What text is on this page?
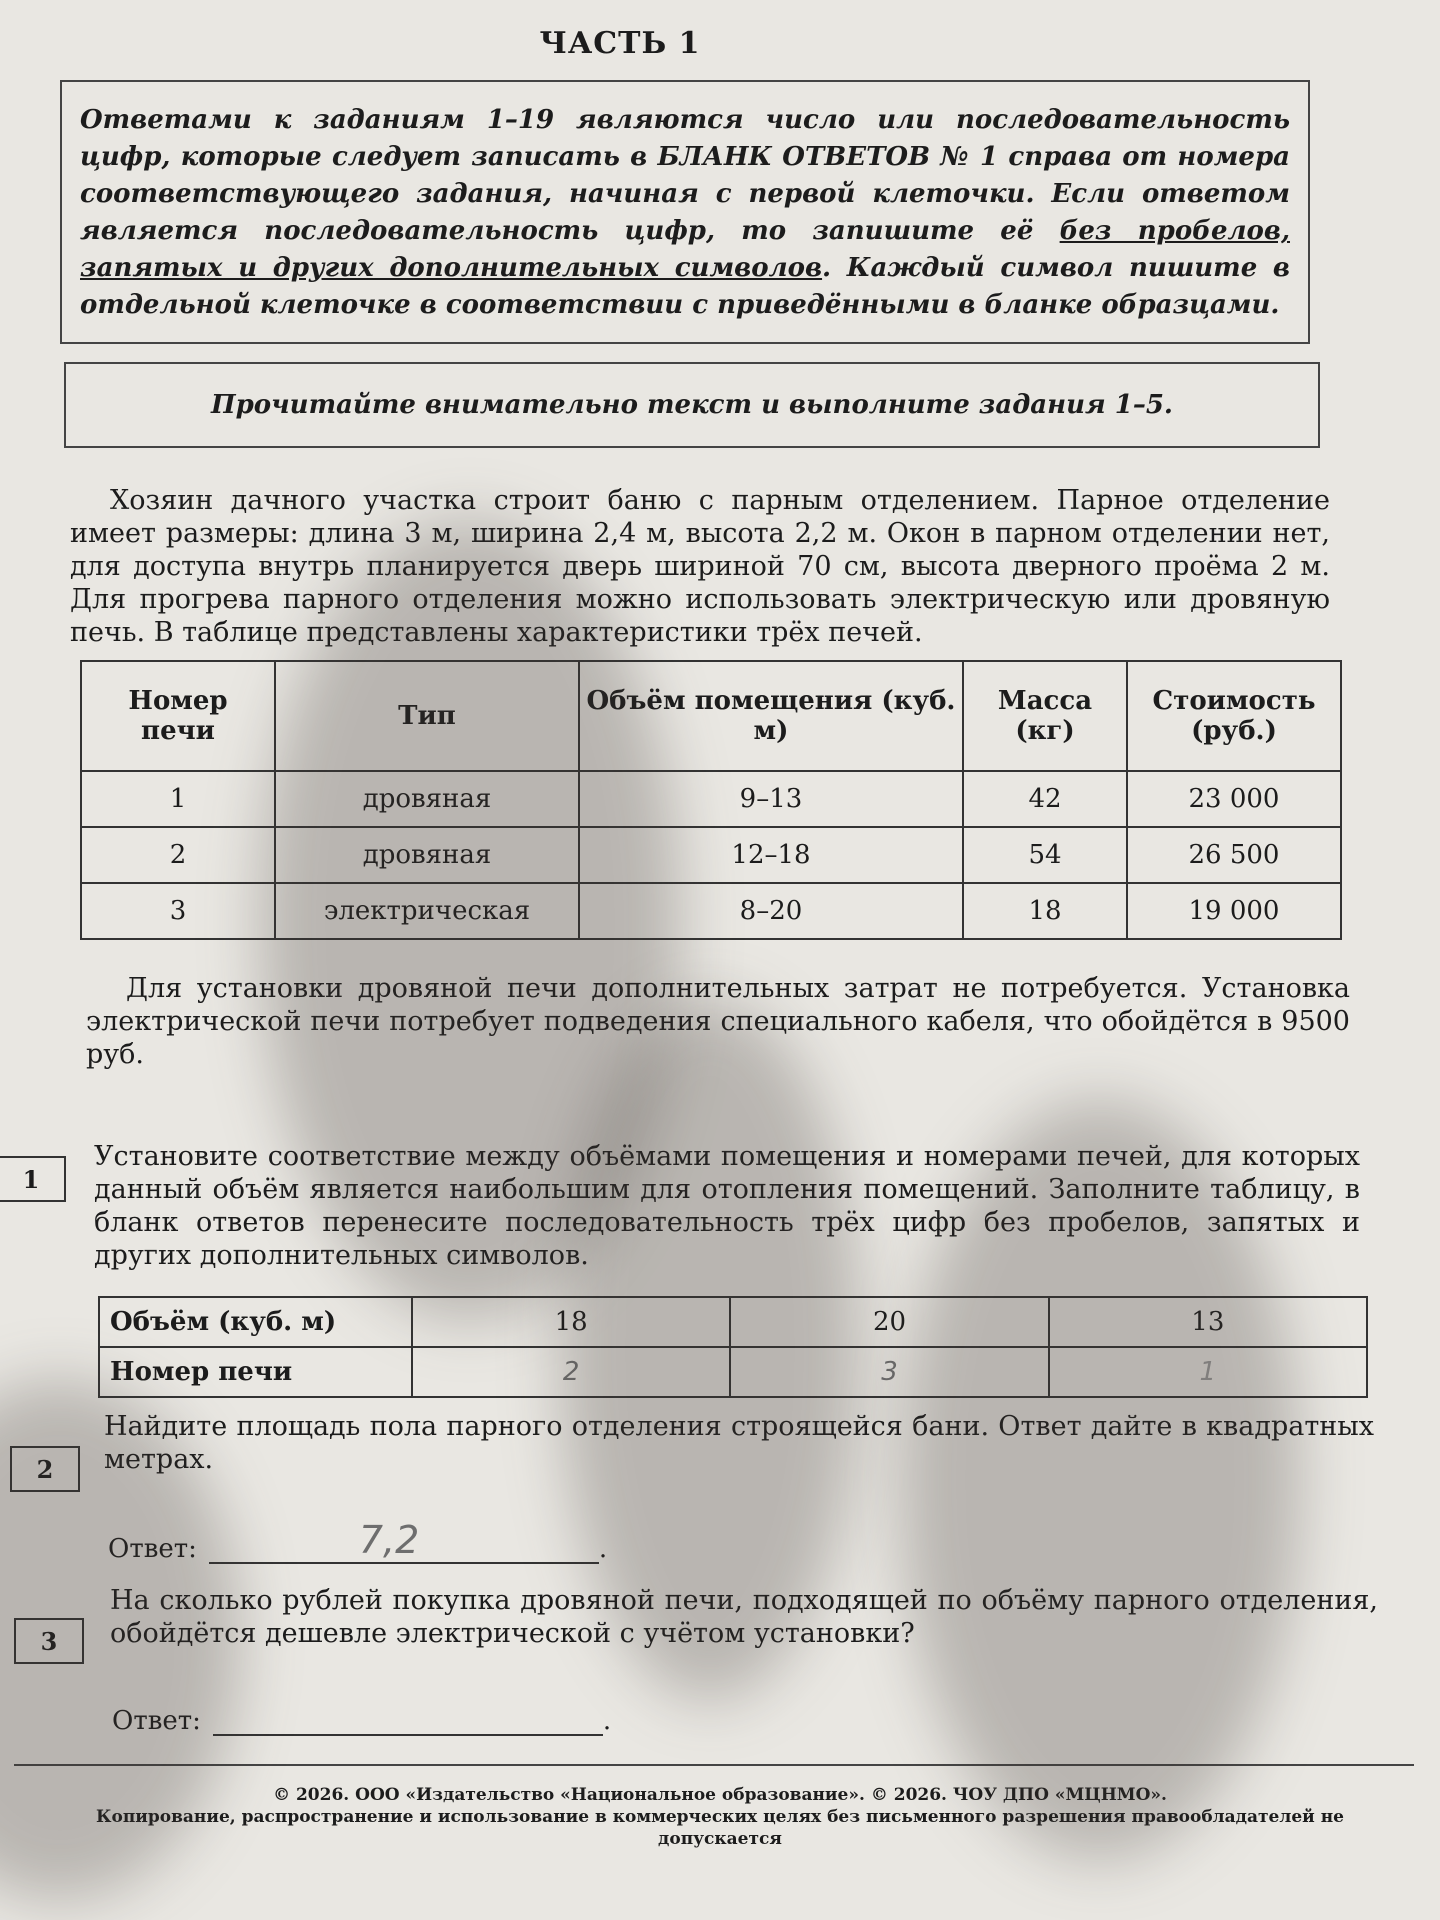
ЧАСТЬ 1
Ответами к заданиям 1–19 являются число или последовательность цифр, которые следует записать в БЛАНК ОТВЕТОВ № 1 справа от номера соответствующего задания, начиная с первой клеточки. Если ответом является последовательность цифр, то запишите её без пробелов, запятых и других дополнительных символов. Каждый символ пишите в отдельной клеточке в соответствии с приведёнными в бланке образцами.
Прочитайте внимательно текст и выполните задания 1–5.
Хозяин дачного участка строит баню с парным отделением. Парное отделение имеет размеры: длина 3 м, ширина 2,4 м, высота 2,2 м. Окон в парном отделении нет, для доступа внутрь планируется дверь шириной 70 см, высота дверного проёма 2 м. Для прогрева парного отделения можно использовать электрическую или дровяную печь. В таблице представлены характеристики трёх печей.
Номер печи	Тип	Объём помещения (куб. м)	Масса (кг)	Стоимость (руб.)
1	дровяная	9–13	42	23 000
2	дровяная	12–18	54	26 500
3	электрическая	8–20	18	19 000
Для установки дровяной печи дополнительных затрат не потребуется. Установка электрической печи потребует подведения специального кабеля, что обойдётся в 9500 руб.
1
Установите соответствие между объёмами помещения и номерами печей, для которых данный объём является наибольшим для отопления помещений. Заполните таблицу, в бланк ответов перенесите последовательность трёх цифр без пробелов, запятых и других дополнительных символов.
Объём (куб. м)	18	20	13
Номер печи	2	3	1
2
Найдите площадь пола парного отделения строящейся бани. Ответ дайте в квадратных метрах.
Ответ:	7,2	.
3
На сколько рублей покупка дровяной печи, подходящей по объёму парного отделения, обойдётся дешевле электрической с учётом установки?
Ответ:	.
© 2026. ООО «Издательство «Национальное образование». © 2026. ЧОУ ДПО «МЦНМО».
Копирование, распространение и использование в коммерческих целях без письменного разрешения правообладателей не допускается
